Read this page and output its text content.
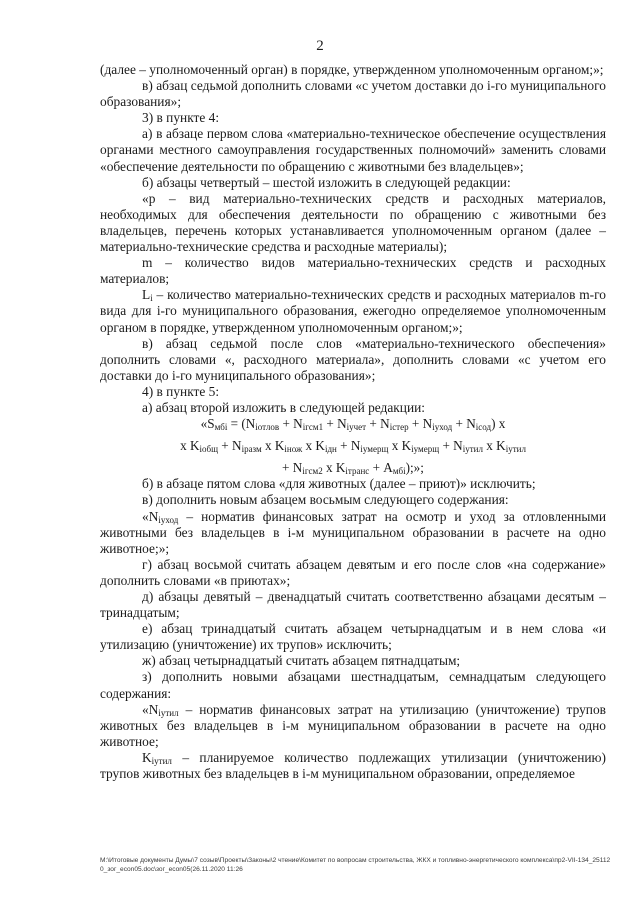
2

(далее – уполномоченный орган) в порядке, утвержденном уполномоченным органом;»;

в) абзац седьмой дополнить словами «с учетом доставки до i-го муниципального образования»;

3) в пункте 4:

а) в абзаце первом слова «материально-техническое обеспечение осуществления органами местного самоуправления государственных полномочий» заменить словами «обеспечение деятельности по обращению с животными без владельцев»;

б) абзацы четвертый – шестой изложить в следующей редакции:

«p – вид материально-технических средств и расходных материалов, необходимых для обеспечения деятельности по обращению с животными без владельцев, перечень которых устанавливается уполномоченным органом (далее – материально-технические средства и расходные материалы);

m – количество видов материально-технических средств и расходных материалов;

$L_i$ – количество материально-технических средств и расходных материалов m-го вида для i-го муниципального образования, ежегодно определяемое уполномоченным органом в порядке, утвержденном уполномоченным органом;»;

в) абзац седьмой после слов «материально-технического обеспечения» дополнить словами «, расходного материала», дополнить словами «с учетом его доставки до i-го муниципального образования»;

4) в пункте 5:

а) абзац второй изложить в следующей редакции:

«$S_{мбi} = (N_{iотлов} + N_{iгсм1} + N_{iучет} + N_{iстер} + N_{iуход} + N_{iсод})$ x

x $K_{iобщ} + N_{iразм}$ x $K_{iнож}$ x $K_{iдн} + N_{iумерщ}$ x $K_{iумерщ} + N_{iутил}$ x $K_{iутил}$

+ $N_{iгсм2}$ x $K_{iтранс} + A_{мбi}$);»;

б) в абзаце пятом слова «для животных (далее – приют)» исключить;

в) дополнить новым абзацем восьмым следующего содержания:

«$N_{iуход}$ – норматив финансовых затрат на осмотр и уход за отловленными животными без владельцев в i-м муниципальном образовании в расчете на одно животное;»;

г) абзац восьмой считать абзацем девятым и его после слов «на содержание» дополнить словами «в приютах»;

д) абзацы девятый – двенадцатый считать соответственно абзацами десятым – тринадцатым;

е) абзац тринадцатый считать абзацем четырнадцатым и в нем слова «и утилизацию (уничтожение) их трупов» исключить;

ж) абзац четырнадцатый считать абзацем пятнадцатым;

з) дополнить новыми абзацами шестнадцатым, семнадцатым следующего содержания:

«$N_{iутил}$ – норматив финансовых затрат на утилизацию (уничтожение) трупов животных без владельцев в i-м муниципальном образовании в расчете на одно животное;

$K_{iутил}$ – планируемое количество подлежащих утилизации (уничтожению) трупов животных без владельцев в i-м муниципальном образовании, определяемое

M:\Итоговые документы Думы\7 созыв\Проекты\Законы\2 чтение\Комитет по вопросам строительства, ЖКХ и топливно-энергетического комплекса\пр2-VII-134_251120_зог_econ05.doc\зог_econ05(26.11.2020 11:26
